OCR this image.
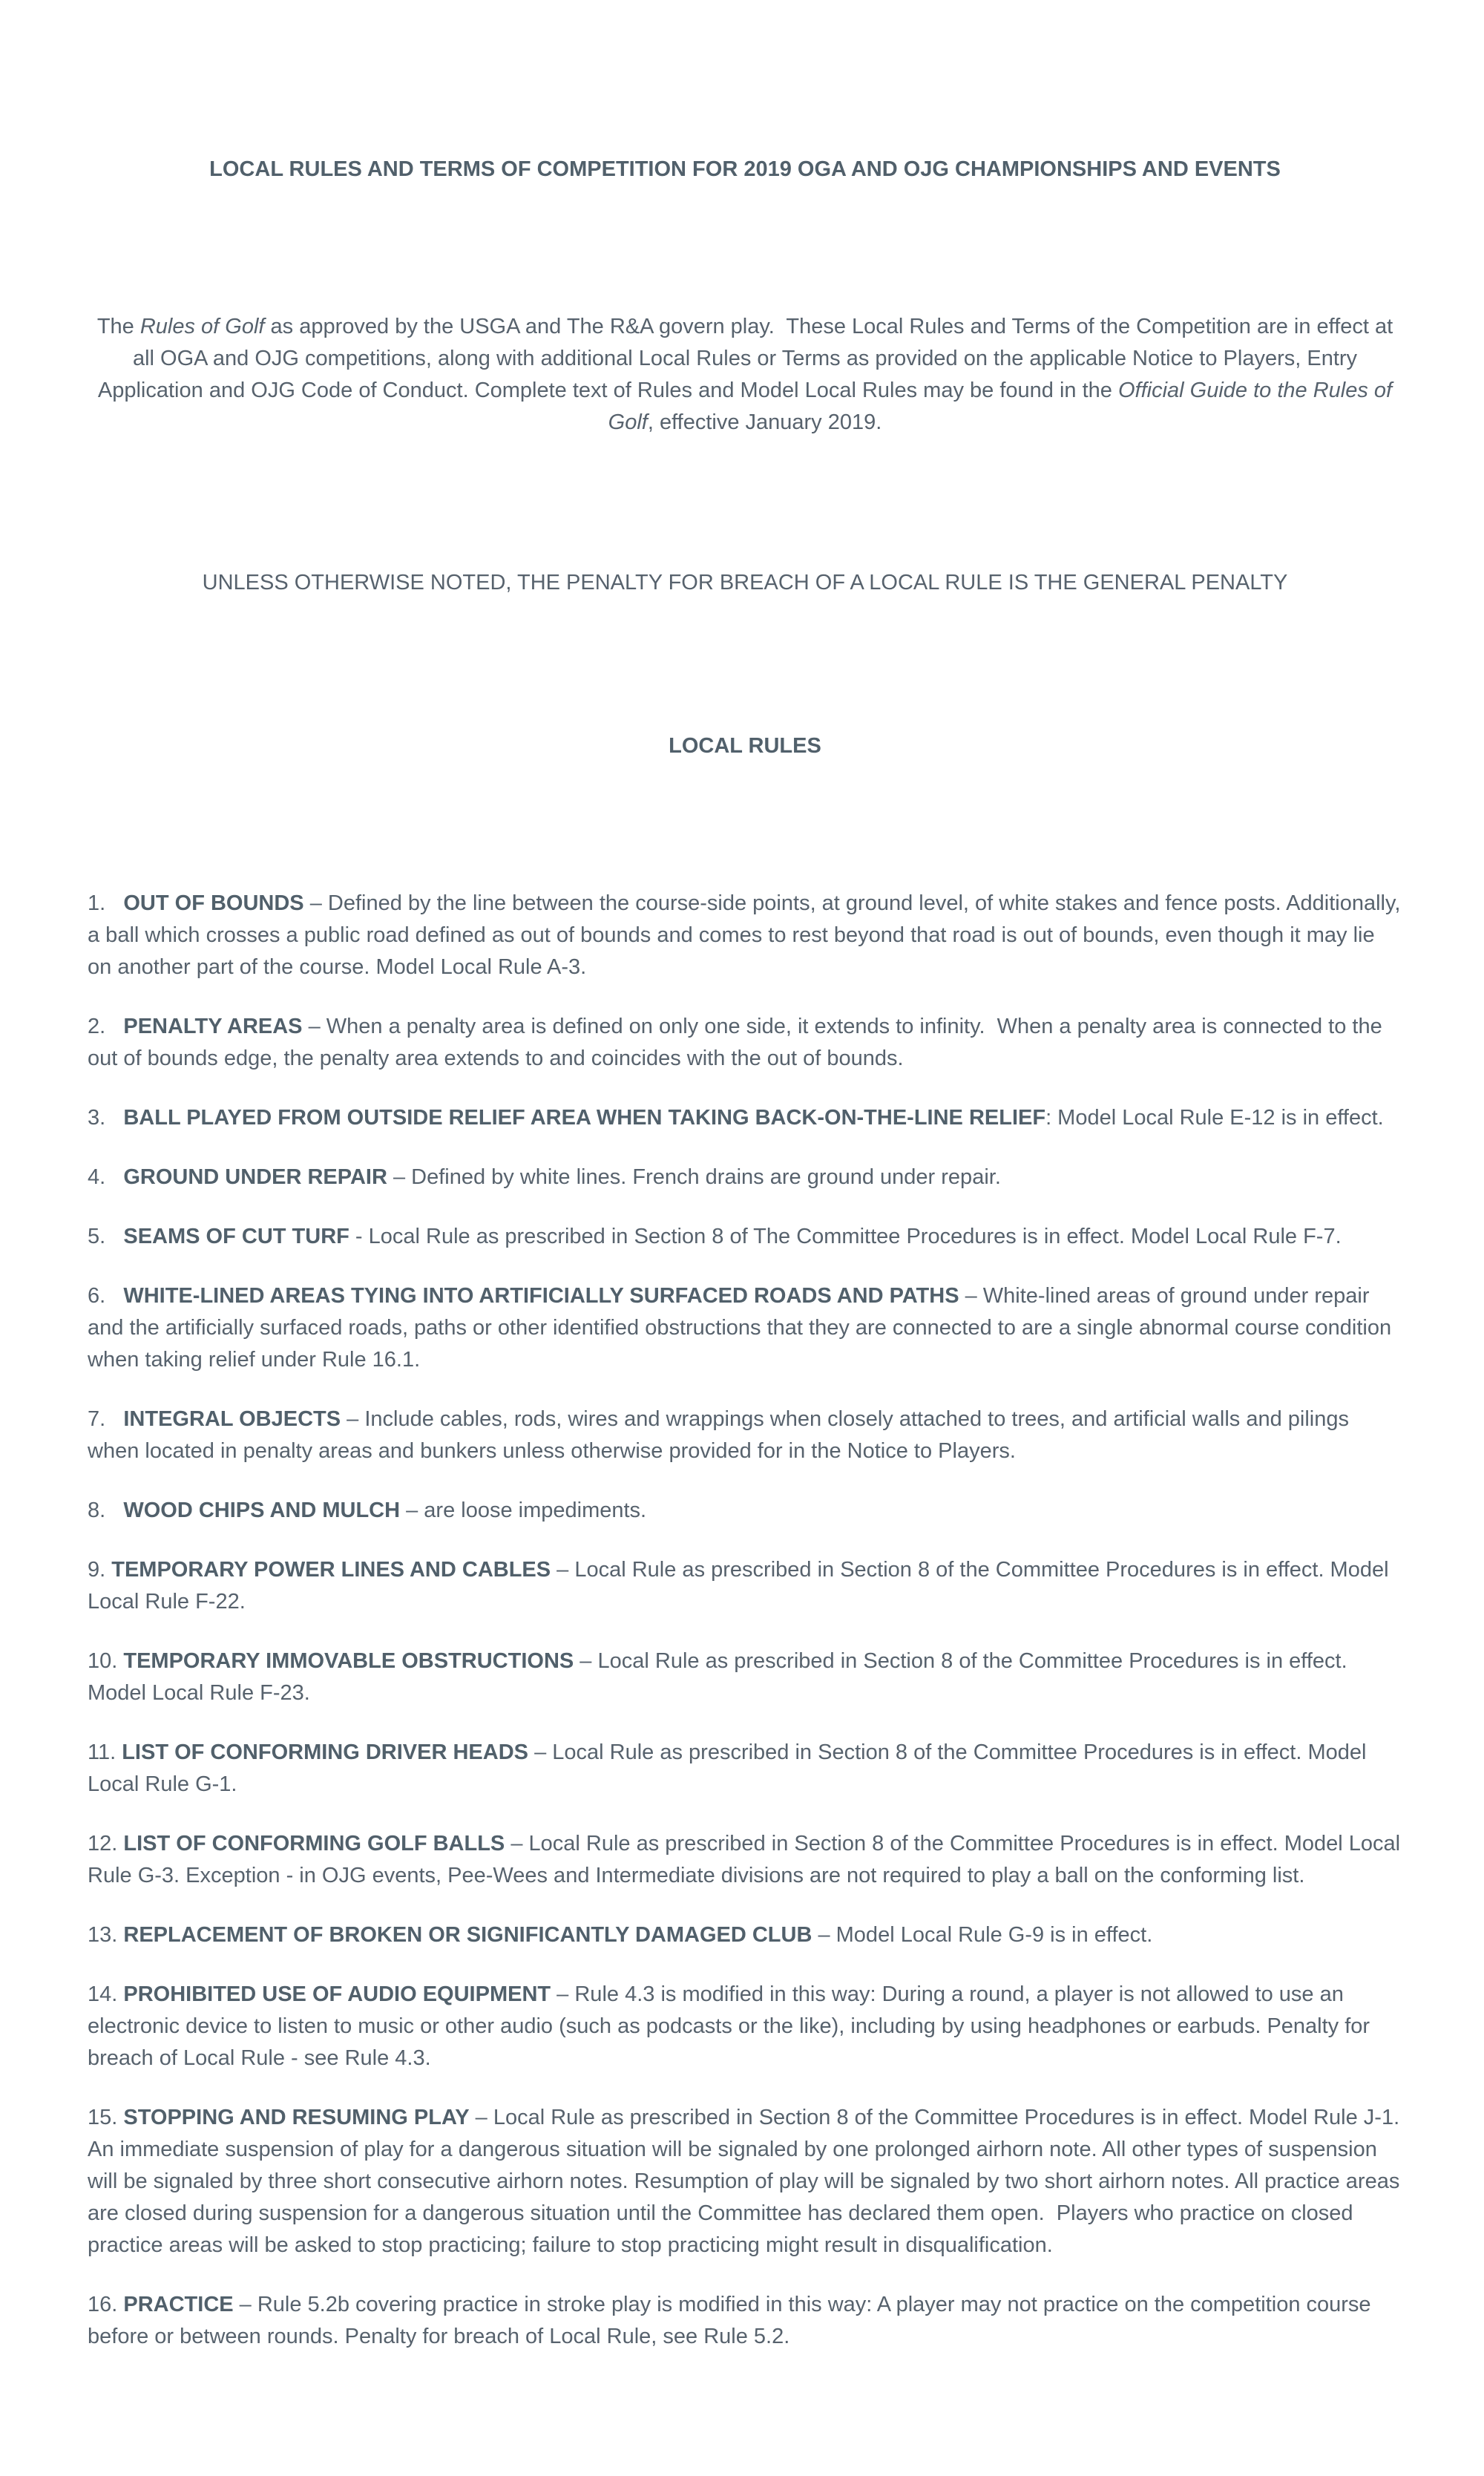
LOCAL RULES AND TERMS OF COMPETITION FOR 2019 OGA AND OJG CHAMPIONSHIPS AND EVENTS

The Rules of Golf as approved by the USGA and The R&A govern play.  These Local Rules and Terms of the Competition are in effect at all OGA and OJG competitions, along with additional Local Rules or Terms as provided on the applicable Notice to Players, Entry Application and OJG Code of Conduct. Complete text of Rules and Model Local Rules may be found in the Official Guide to the Rules of Golf, effective January 2019.

UNLESS OTHERWISE NOTED, THE PENALTY FOR BREACH OF A LOCAL RULE IS THE GENERAL PENALTY

LOCAL RULES

1.   OUT OF BOUNDS – Defined by the line between the course-side points, at ground level, of white stakes and fence posts. Additionally, a ball which crosses a public road defined as out of bounds and comes to rest beyond that road is out of bounds, even though it may lie on another part of the course. Model Local Rule A-3.

2.   PENALTY AREAS – When a penalty area is defined on only one side, it extends to infinity.  When a penalty area is connected to the out of bounds edge, the penalty area extends to and coincides with the out of bounds.

3.   BALL PLAYED FROM OUTSIDE RELIEF AREA WHEN TAKING BACK-ON-THE-LINE RELIEF: Model Local Rule E-12 is in effect.

4.   GROUND UNDER REPAIR – Defined by white lines. French drains are ground under repair.

5.   SEAMS OF CUT TURF - Local Rule as prescribed in Section 8 of The Committee Procedures is in effect. Model Local Rule F-7.

6.   WHITE-LINED AREAS TYING INTO ARTIFICIALLY SURFACED ROADS AND PATHS – White-lined areas of ground under repair and the artificially surfaced roads, paths or other identified obstructions that they are connected to are a single abnormal course condition when taking relief under Rule 16.1.

7.   INTEGRAL OBJECTS – Include cables, rods, wires and wrappings when closely attached to trees, and artificial walls and pilings when located in penalty areas and bunkers unless otherwise provided for in the Notice to Players.

8.   WOOD CHIPS AND MULCH – are loose impediments.

9. TEMPORARY POWER LINES AND CABLES – Local Rule as prescribed in Section 8 of the Committee Procedures is in effect. Model Local Rule F-22.

10. TEMPORARY IMMOVABLE OBSTRUCTIONS – Local Rule as prescribed in Section 8 of the Committee Procedures is in effect. Model Local Rule F-23.

11. LIST OF CONFORMING DRIVER HEADS – Local Rule as prescribed in Section 8 of the Committee Procedures is in effect. Model Local Rule G-1.

12. LIST OF CONFORMING GOLF BALLS – Local Rule as prescribed in Section 8 of the Committee Procedures is in effect. Model Local Rule G-3. Exception - in OJG events, Pee-Wees and Intermediate divisions are not required to play a ball on the conforming list.

13. REPLACEMENT OF BROKEN OR SIGNIFICANTLY DAMAGED CLUB – Model Local Rule G-9 is in effect.

14. PROHIBITED USE OF AUDIO EQUIPMENT – Rule 4.3 is modified in this way: During a round, a player is not allowed to use an electronic device to listen to music or other audio (such as podcasts or the like), including by using headphones or earbuds. Penalty for breach of Local Rule - see Rule 4.3.

15. STOPPING AND RESUMING PLAY – Local Rule as prescribed in Section 8 of the Committee Procedures is in effect. Model Rule J-1. An immediate suspension of play for a dangerous situation will be signaled by one prolonged airhorn note. All other types of suspension will be signaled by three short consecutive airhorn notes. Resumption of play will be signaled by two short airhorn notes. All practice areas are closed during suspension for a dangerous situation until the Committee has declared them open.  Players who practice on closed practice areas will be asked to stop practicing; failure to stop practicing might result in disqualification.

16. PRACTICE – Rule 5.2b covering practice in stroke play is modified in this way: A player may not practice on the competition course before or between rounds. Penalty for breach of Local Rule, see Rule 5.2.
